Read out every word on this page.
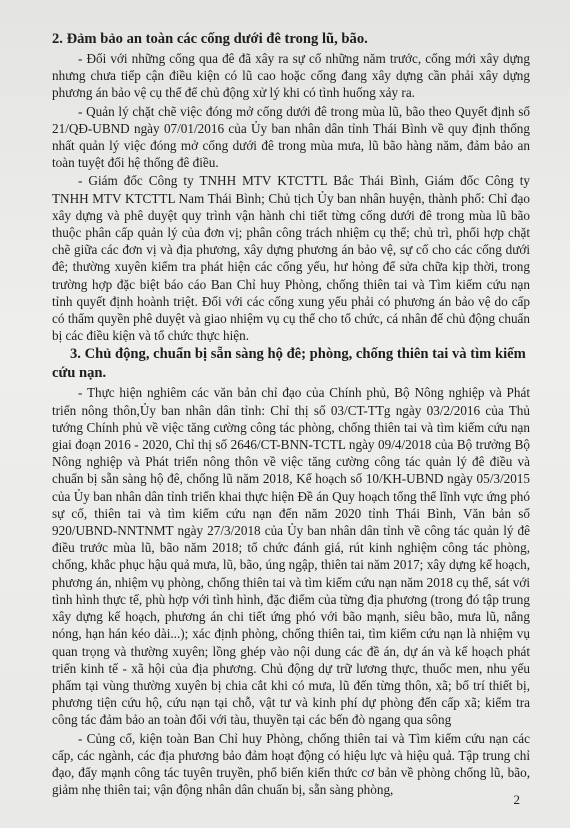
2. Đảm bảo an toàn các cống dưới đê trong lũ, bão.
- Đối với những cống qua đê đã xây ra sự cố những năm trước, cống mới xây dựng nhưng chưa tiếp cận điều kiện có lũ cao hoặc cống đang xây dựng cần phải xây dựng phương án bảo vệ cụ thể để chủ động xử lý khi có tình huống xảy ra.
- Quản lý chặt chẽ việc đóng mở cống dưới đê trong mùa lũ, bão theo Quyết định số 21/QĐ-UBND ngày 07/01/2016 của Ủy ban nhân dân tỉnh Thái Bình về quy định thống nhất quản lý việc đóng mở cống dưới đê trong mùa mưa, lũ bão hàng năm, đảm bảo an toàn tuyệt đối hệ thống đê điều.
- Giám đốc Công ty TNHH MTV KTCTTL Bắc Thái Bình, Giám đốc Công ty TNHH MTV KTCTTL Nam Thái Bình; Chủ tịch Ủy ban nhân huyện, thành phố: Chỉ đạo xây dựng và phê duyệt quy trình vận hành chi tiết từng cống dưới đê trong mùa lũ bão thuộc phân cấp quản lý của đơn vị; phân công trách nhiệm cụ thể; chủ trì, phối hợp chặt chẽ giữa các đơn vị và địa phương, xây dựng phương án bảo vệ, sự cố cho các cống dưới đê; thường xuyên kiểm tra phát hiện các cống yếu, hư hỏng để sửa chữa kịp thời, trong trường hợp đặc biệt báo cáo Ban Chỉ huy Phòng, chống thiên tai và Tìm kiếm cứu nạn tỉnh quyết định hoành triệt. Đối với các cống xung yếu phải có phương án bảo vệ do cấp có thẩm quyền phê duyệt và giao nhiệm vụ cụ thể cho tổ chức, cá nhân để chủ động chuẩn bị các điều kiện và tổ chức thực hiện.
3. Chủ động, chuẩn bị sẵn sàng hộ đê; phòng, chống thiên tai và tìm kiếm cứu nạn.
- Thực hiện nghiêm các văn bản chỉ đạo của Chính phủ, Bộ Nông nghiệp và Phát triển nông thôn,Ủy ban nhân dân tỉnh: Chỉ thị số 03/CT-TTg ngày 03/2/2016 của Thủ tướng Chính phủ về việc tăng cường công tác phòng, chống thiên tai và tìm kiếm cứu nạn giai đoạn 2016 - 2020, Chỉ thị số 2646/CT-BNN-TCTL ngày 09/4/2018 của Bộ trưởng Bộ Nông nghiệp và Phát triển nông thôn về việc tăng cường công tác quản lý đê điều và chuẩn bị sẵn sàng hộ đê, chống lũ năm 2018, Kế hoạch số 10/KH-UBND ngày 05/3/2015 của Ủy ban nhân dân tỉnh triển khai thực hiện Đề án Quy hoạch tổng thể lĩnh vực ứng phó sự cố, thiên tai và tìm kiếm cứu nạn đến năm 2020 tỉnh Thái Bình, Văn bản số 920/UBND-NNTNMT ngày 27/3/2018 của Ủy ban nhân dân tỉnh về công tác quản lý đê điều trước mùa lũ, bão năm 2018; tổ chức đánh giá, rút kinh nghiệm công tác phòng, chống, khắc phục hậu quả mưa, lũ, bão, úng ngập, thiên tai năm 2017; xây dựng kế hoạch, phương án, nhiệm vụ phòng, chống thiên tai và tìm kiếm cứu nạn năm 2018 cụ thể, sát với tình hình thực tế, phù hợp với tình hình, đặc điểm của từng địa phương (trong đó tập trung xây dựng kế hoạch, phương án chi tiết ứng phó với bão mạnh, siêu bão, mưa lũ, nắng nóng, hạn hán kéo dài...); xác định phòng, chống thiên tai, tìm kiếm cứu nạn là nhiệm vụ quan trọng và thường xuyên; lồng ghép vào nội dung các đề án, dự án và kế hoạch phát triển kinh tế - xã hội của địa phương. Chủ động dự trữ lương thực, thuốc men, nhu yếu phẩm tại vùng thường xuyên bị chia cắt khi có mưa, lũ đến từng thôn, xã; bố trí thiết bị, phương tiện cứu hộ, cứu nạn tại chỗ, vật tư và kinh phí dự phòng đến cấp xã; kiểm tra công tác đảm bảo an toàn đối với tàu, thuyền tại các bến đò ngang qua sông
- Củng cố, kiện toàn Ban Chỉ huy Phòng, chống thiên tai và Tìm kiếm cứu nạn các cấp, các ngành, các địa phương bảo đảm hoạt động có hiệu lực và hiệu quả. Tập trung chỉ đạo, đẩy mạnh công tác tuyên truyền, phổ biến kiến thức cơ bản về phòng chống lũ, bão, giảm nhẹ thiên tai; vận động nhân dân chuẩn bị, sẵn sàng phòng,
2
